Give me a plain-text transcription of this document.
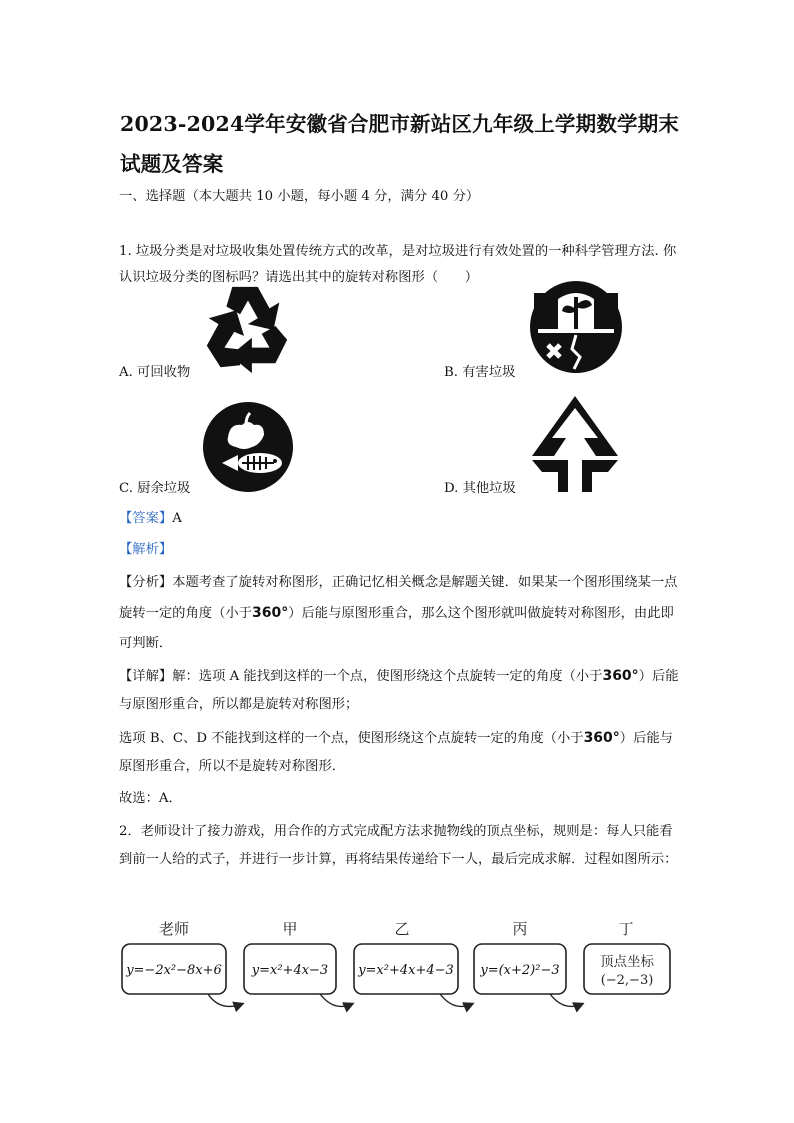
2023-2024学年安徽省合肥市新站区九年级上学期数学期末试题及答案
一、选择题（本大题共 10 小题，每小题 4 分，满分 40 分）
1. 垃圾分类是对垃圾收集处置传统方式的改革，是对垃圾进行有效处置的一种科学管理方法. 你认识垃圾分类的图标吗？请选出其中的旋转对称图形（　　）
A. 可回收物	B. 有害垃圾
C. 厨余垃圾	D. 其他垃圾
【答案】A
【解析】
【分析】本题考查了旋转对称图形，正确记忆相关概念是解题关键．如果某一个图形围绕某一点旋转一定的角度（小于360°）后能与原图形重合，那么这个图形就叫做旋转对称图形，由此即可判断．
【详解】解：选项 A 能找到这样的一个点，使图形绕这个点旋转一定的角度（小于360°）后能与原图形重合，所以都是旋转对称图形；
选项 B、C、D 不能找到这样的一个点，使图形绕这个点旋转一定的角度（小于360°）后能与原图形重合，所以不是旋转对称图形．
故选：A．
2．老师设计了接力游戏，用合作的方式完成配方法求抛物线的顶点坐标，规则是：每人只能看到前一人给的式子，并进行一步计算，再将结果传递给下一人，最后完成求解．过程如图所示：
老师	甲	乙	丙	丁
y=−2x²−8x+6 y=x²+4x−3 y=x²+4x+4−3 y=(x+2)²−3
顶点坐标
(−2,−3)
